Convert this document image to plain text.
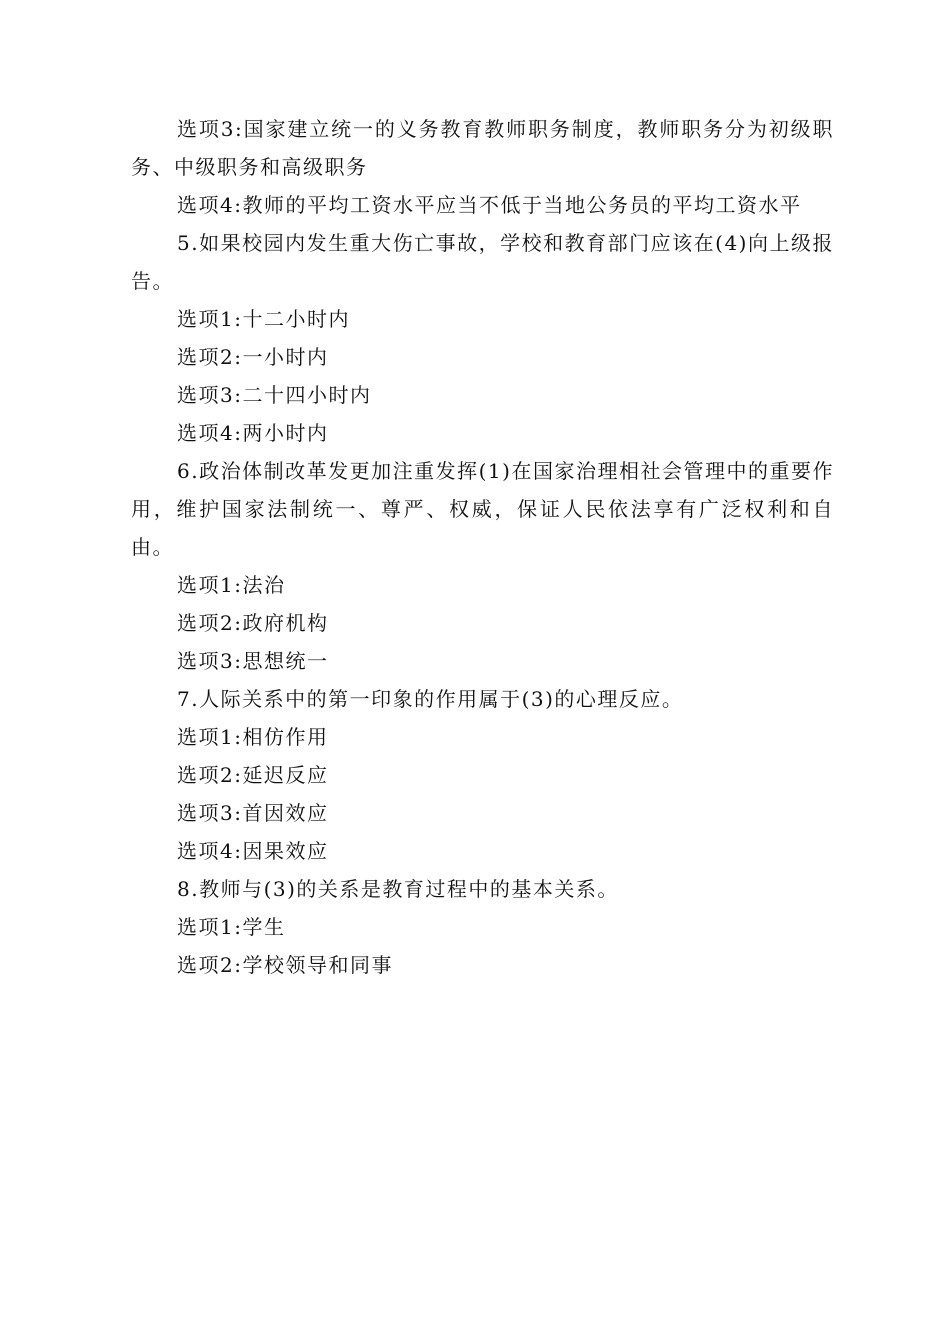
选项3:国家建立统一的义务教育教师职务制度，教师职务分为初级职务、中级职务和高级职务

选项4:教师的平均工资水平应当不低于当地公务员的平均工资水平

5.如果校园内发生重大伤亡事故，学校和教育部门应该在(4)向上级报告。

选项1:十二小时内

选项2:一小时内

选项3:二十四小时内

选项4:两小时内

6.政治体制改革发更加注重发挥(1)在国家治理相社会管理中的重要作用，维护国家法制统一、尊严、权威，保证人民依法享有广泛权利和自由。

选项1:法治

选项2:政府机构

选项3:思想统一

7.人际关系中的第一印象的作用属于(3)的心理反应。

选项1:相仿作用

选项2:延迟反应

选项3:首因效应

选项4:因果效应

8.教师与(3)的关系是教育过程中的基本关系。

选项1:学生

选项2:学校领导和同事
